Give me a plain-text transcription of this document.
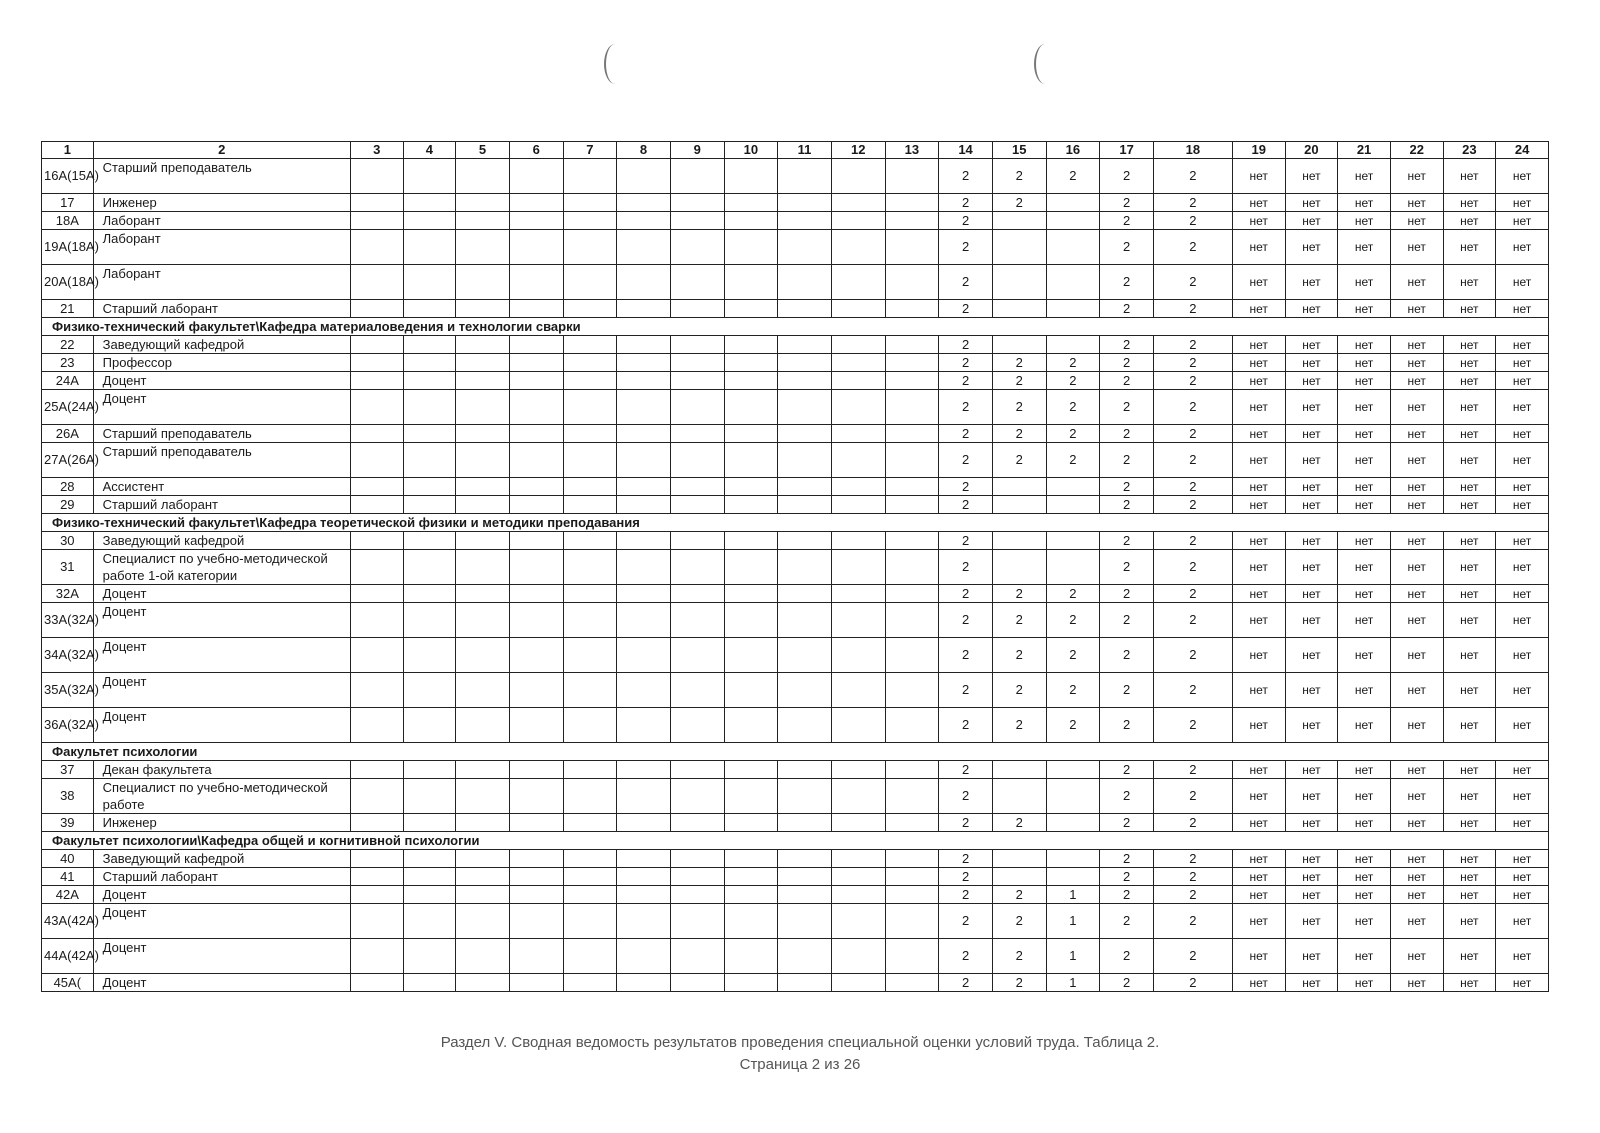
1	2	3	4	5	6	7	8	9	10	11	12	13	14	15	16	17	18	19	20	21	22	23	24
16А(15А)	Старший преподаватель												2	2	2	2	2	нет	нет	нет	нет	нет	нет
17	Инженер												2	2		2	2	нет	нет	нет	нет	нет	нет
18А	Лаборант												2			2	2	нет	нет	нет	нет	нет	нет
19А(18А)	Лаборант												2			2	2	нет	нет	нет	нет	нет	нет
20А(18А)	Лаборант												2			2	2	нет	нет	нет	нет	нет	нет
21	Старший лаборант												2			2	2	нет	нет	нет	нет	нет	нет
Физико-технический факультет\Кафедра материаловедения и технологии сварки																							
22	Заведующий кафедрой												2			2	2	нет	нет	нет	нет	нет	нет
23	Профессор												2	2	2	2	2	нет	нет	нет	нет	нет	нет
24А	Доцент												2	2	2	2	2	нет	нет	нет	нет	нет	нет
25А(24А)	Доцент												2	2	2	2	2	нет	нет	нет	нет	нет	нет
26А	Старший преподаватель												2	2	2	2	2	нет	нет	нет	нет	нет	нет
27А(26А)	Старший преподаватель												2	2	2	2	2	нет	нет	нет	нет	нет	нет
28	Ассистент												2			2	2	нет	нет	нет	нет	нет	нет
29	Старший лаборант												2			2	2	нет	нет	нет	нет	нет	нет
Физико-технический факультет\Кафедра теоретической физики и методики преподавания																							
30	Заведующий кафедрой												2			2	2	нет	нет	нет	нет	нет	нет
31	Специалист по учебно-методической работе 1-ой категории												2			2	2	нет	нет	нет	нет	нет	нет
32А	Доцент												2	2	2	2	2	нет	нет	нет	нет	нет	нет
33А(32А)	Доцент												2	2	2	2	2	нет	нет	нет	нет	нет	нет
34А(32А)	Доцент												2	2	2	2	2	нет	нет	нет	нет	нет	нет
35А(32А)	Доцент												2	2	2	2	2	нет	нет	нет	нет	нет	нет
36А(32А)	Доцент												2	2	2	2	2	нет	нет	нет	нет	нет	нет
Факультет психологии																							
37	Декан факультета												2			2	2	нет	нет	нет	нет	нет	нет
38	Специалист по учебно-методической работе												2			2	2	нет	нет	нет	нет	нет	нет
39	Инженер												2	2		2	2	нет	нет	нет	нет	нет	нет
Факультет психологии\Кафедра общей и когнитивной психологии																							
40	Заведующий кафедрой												2			2	2	нет	нет	нет	нет	нет	нет
41	Старший лаборант												2			2	2	нет	нет	нет	нет	нет	нет
42А	Доцент												2	2	1	2	2	нет	нет	нет	нет	нет	нет
43А(42А)	Доцент												2	2	1	2	2	нет	нет	нет	нет	нет	нет
44А(42А)	Доцент												2	2	1	2	2	нет	нет	нет	нет	нет	нет
45А(	Доцент												2	2	1	2	2	нет	нет	нет	нет	нет	нет
Раздел V. Сводная ведомость результатов проведения специальной оценки условий труда. Таблица 2.
Страница 2 из 26
